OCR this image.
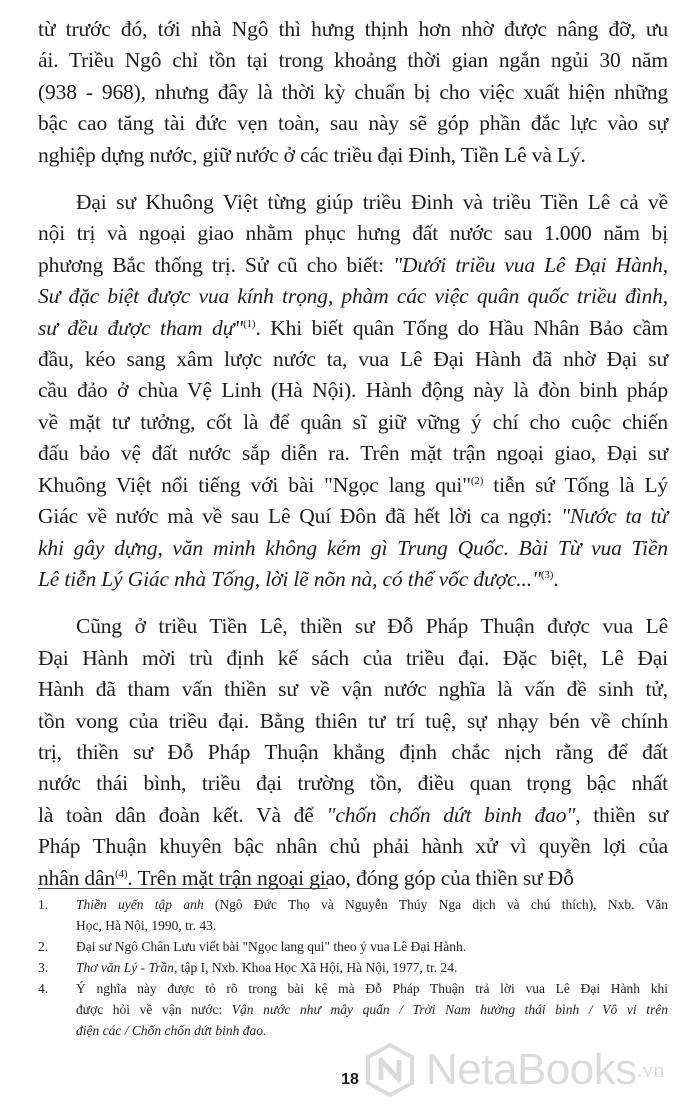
từ trước đó, tới nhà Ngô thì hưng thịnh hơn nhờ được nâng đỡ, ưu
ái. Triều Ngô chỉ tồn tại trong khoảng thời gian ngắn ngủi 30 năm
(938 - 968), nhưng đây là thời kỳ chuẩn bị cho việc xuất hiện những
bậc cao tăng tài đức vẹn toàn, sau này sẽ góp phần đắc lực vào sự
nghiệp dựng nước, giữ nước ở các triều đại Đinh, Tiền Lê và Lý.
Đại sư Khuông Việt từng giúp triều Đinh và triều Tiền Lê cả về
nội trị và ngoại giao nhằm phục hưng đất nước sau 1.000 năm bị
phương Bắc thống trị. Sử cũ cho biết: "Dưới triều vua Lê Đại Hành,
Sư đặc biệt được vua kính trọng, phàm các việc quân quốc triều đình,
sư đều được tham dự"$^{(1)}$. Khi biết quân Tống do Hầu Nhân Bảo cầm
đầu, kéo sang xâm lược nước ta, vua Lê Đại Hành đã nhờ Đại sư
cầu đảo ở chùa Vệ Linh (Hà Nội). Hành động này là đòn binh pháp
về mặt tư tưởng, cốt là để quân sĩ giữ vững ý chí cho cuộc chiến
đấu bảo vệ đất nước sắp diễn ra. Trên mặt trận ngoại giao, Đại sư
Khuông Việt nổi tiếng với bài "Ngọc lang qui"$^{(2)}$ tiễn sứ Tống là Lý
Giác về nước mà về sau Lê Quí Đôn đã hết lời ca ngợi: "Nước ta từ
khi gây dựng, văn minh không kém gì Trung Quốc. Bài Từ vua Tiền
Lê tiễn Lý Giác nhà Tống, lời lẽ nõn nà, có thể vốc được..."$^{(3)}$.
Cũng ở triều Tiền Lê, thiền sư Đỗ Pháp Thuận được vua Lê
Đại Hành mời trù định kế sách của triều đại. Đặc biệt, Lê Đại
Hành đã tham vấn thiền sư về vận nước nghĩa là vấn đề sinh tử,
tồn vong của triều đại. Bằng thiên tư trí tuệ, sự nhạy bén về chính
trị, thiền sư Đỗ Pháp Thuận khẳng định chắc nịch rằng để đất
nước thái bình, triều đại trường tồn, điều quan trọng bậc nhất
là toàn dân đoàn kết. Và để "chốn chốn dứt binh đao", thiền sư
Pháp Thuận khuyên bậc nhân chủ phải hành xử vì quyền lợi của
nhân dân$^{(4)}$. Trên mặt trận ngoại giao, đóng góp của thiền sư Đỗ
1.	Thiền uyển tập anh (Ngô Đức Thọ và Nguyễn Thúy Nga dịch và chú thích), Nxb. Văn
Học, Hà Nội, 1990, tr. 43.
2.	Đại sư Ngô Chân Lưu viết bài "Ngọc lang qui" theo ý vua Lê Đại Hành.
3.	Thơ văn Lý - Trần, tập I, Nxb. Khoa Học Xã Hội, Hà Nội, 1977, tr. 24.
4.	Ý nghĩa này được tỏ rõ trong bài kệ mà Đỗ Pháp Thuận trả lời vua Lê Đại Hành khi
được hỏi về vận nước: Vận nước như mây quấn / Trời Nam hưởng thái bình / Vô vi trên
điện các / Chốn chốn dứt binh đao.
18	NetaBooks .vn
